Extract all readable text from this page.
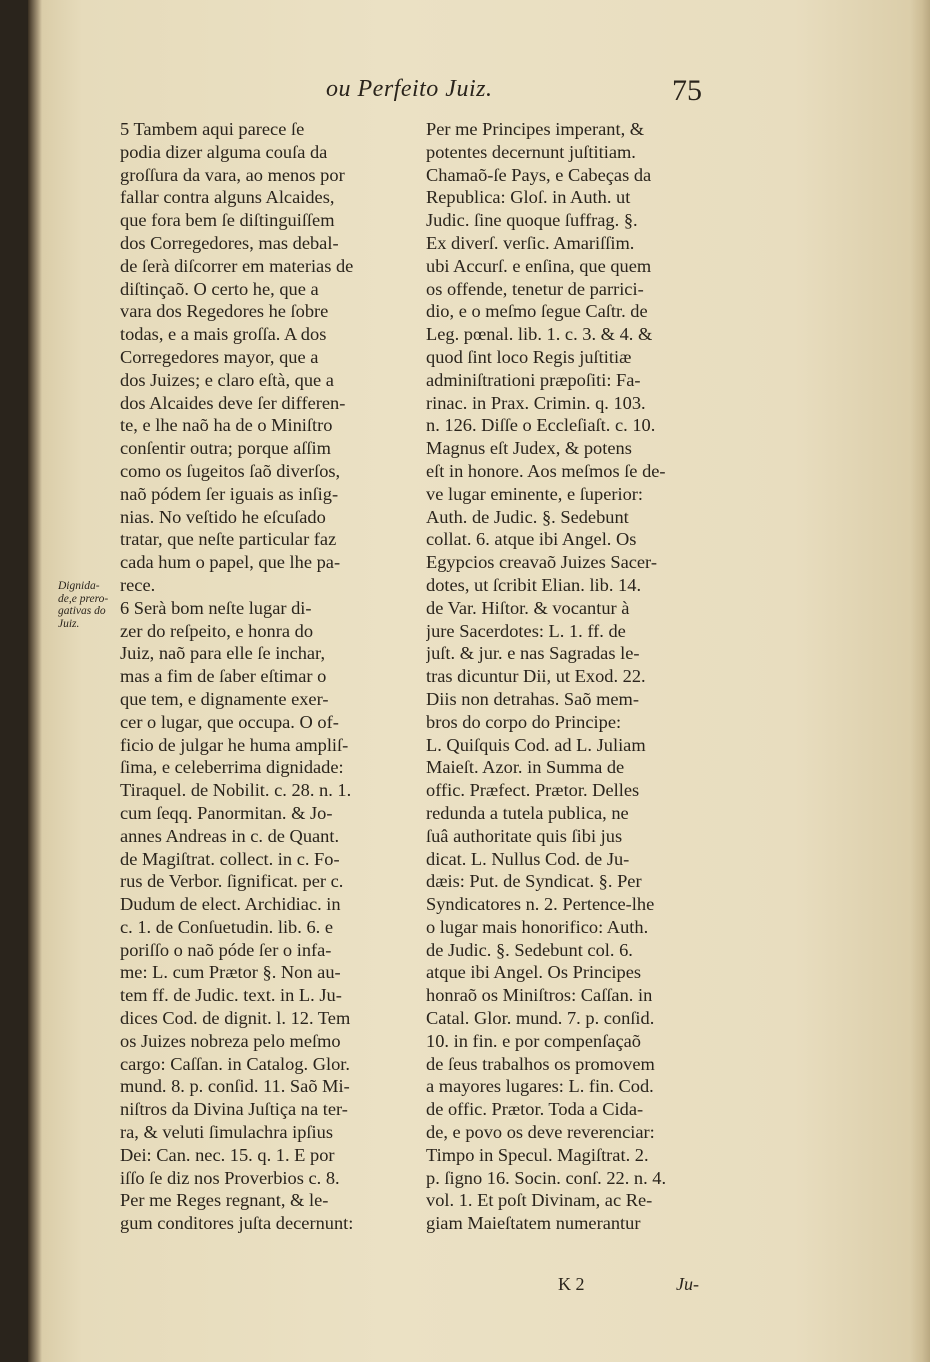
ou Perfeito Juiz.	75
Dignida-
de,e prero-
gativas do
Juiz.
5 Tambem aqui parece ſe
podia dizer alguma couſa da
groſſura da vara, ao menos por
fallar contra alguns Alcaides,
que fora bem ſe diſtinguiſſem
dos Corregedores, mas debal-
de ſerà diſcorrer em materias de
diſtinçaõ. O certo he, que a
vara dos Regedores he ſobre
todas, e a mais groſſa. A dos
Corregedores mayor, que a
dos Juizes; e claro eſtà, que a
dos Alcaides deve ſer differen-
te, e lhe naõ ha de o Miniſtro
conſentir outra; porque aſſim
como os ſugeitos ſaõ diverſos,
naõ pódem ſer iguais as inſig-
nias. No veſtido he eſcuſado
tratar, que neſte particular faz
cada hum o papel, que lhe pa-
rece.
6 Serà bom neſte lugar di-
zer do reſpeito, e honra do
Juiz, naõ para elle ſe inchar,
mas a fim de ſaber eſtimar o
que tem, e dignamente exer-
cer o lugar, que occupa. O of-
ficio de julgar he huma ampliſ-
ſima, e celeberrima dignidade:
Tiraquel. de Nobilit. c. 28. n. 1.
cum ſeqq. Panormitan. & Jo-
annes Andreas in c. de Quant.
de Magiſtrat. collect. in c. Fo-
rus de Verbor. ſignificat. per c.
Dudum de elect. Archidiac. in
c. 1. de Conſuetudin. lib. 6. e
poriſſo o naõ póde ſer o infa-
me: L. cum Prætor §. Non au-
tem ff. de Judic. text. in L. Ju-
dices Cod. de dignit. l. 12. Tem
os Juizes nobreza pelo meſmo
cargo: Caſſan. in Catalog. Glor.
mund. 8. p. conſid. 11. Saõ Mi-
niſtros da Divina Juſtiça na ter-
ra, & veluti ſimulachra ipſius
Dei: Can. nec. 15. q. 1. E por
iſſo ſe diz nos Proverbios c. 8.
Per me Reges regnant, & le-
gum conditores juſta decernunt:
Per me Principes imperant, &
potentes decernunt juſtitiam.
Chamaõ-ſe Pays, e Cabeças da
Republica: Gloſ. in Auth. ut
Judic. ſine quoque ſuffrag. §.
Ex diverſ. verſic. Amariſſim.
ubi Accurſ. e enſina, que quem
os offende, tenetur de parrici-
dio, e o meſmo ſegue Caſtr. de
Leg. pœnal. lib. 1. c. 3. & 4. &
quod ſint loco Regis juſtitiæ
adminiſtrationi præpoſiti: Fa-
rinac. in Prax. Crimin. q. 103.
n. 126. Diſſe o Eccleſiaſt. c. 10.
Magnus eſt Judex, & potens
eſt in honore. Aos meſmos ſe de-
ve lugar eminente, e ſuperior:
Auth. de Judic. §. Sedebunt
collat. 6. atque ibi Angel. Os
Egypcios creavaõ Juizes Sacer-
dotes, ut ſcribit Elian. lib. 14.
de Var. Hiſtor. & vocantur à
jure Sacerdotes: L. 1. ff. de
juſt. & jur. e nas Sagradas le-
tras dicuntur Dii, ut Exod. 22.
Diis non detrahas. Saõ mem-
bros do corpo do Principe:
L. Quiſquis Cod. ad L. Juliam
Maieſt. Azor. in Summa de
offic. Præfect. Prætor. Delles
redunda a tutela publica, ne
ſuâ authoritate quis ſibi jus
dicat. L. Nullus Cod. de Ju-
dæis: Put. de Syndicat. §. Per
Syndicatores n. 2. Pertence-lhe
o lugar mais honorifico: Auth.
de Judic. §. Sedebunt col. 6.
atque ibi Angel. Os Principes
honraõ os Miniſtros: Caſſan. in
Catal. Glor. mund. 7. p. conſid.
10. in fin. e por compenſaçaõ
de ſeus trabalhos os promovem
a mayores lugares: L. fin. Cod.
de offic. Prætor. Toda a Cida-
de, e povo os deve reverenciar:
Timpo in Specul. Magiſtrat. 2.
p. ſigno 16. Socin. conſ. 22. n. 4.
vol. 1. Et poſt Divinam, ac Re-
giam Maieſtatem numerantur
K 2	Ju-
